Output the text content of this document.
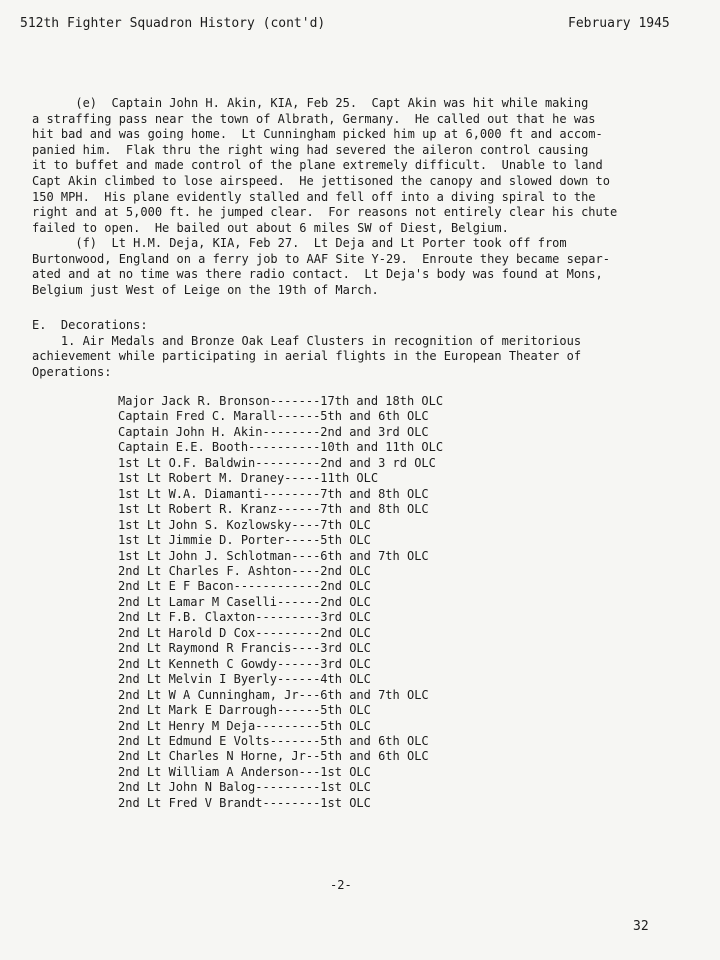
512th Fighter Squadron History (cont'd)	February 1945
(e)  Captain John H. Akin, KIA, Feb 25.  Capt Akin was hit while making
a straffing pass near the town of Albrath, Germany.  He called out that he was
hit bad and was going home.  Lt Cunningham picked him up at 6,000 ft and accom-
panied him.  Flak thru the right wing had severed the aileron control causing
it to buffet and made control of the plane extremely difficult.  Unable to land
Capt Akin climbed to lose airspeed.  He jettisoned the canopy and slowed down to
150 MPH.  His plane evidently stalled and fell off into a diving spiral to the
right and at 5,000 ft. he jumped clear.  For reasons not entirely clear his chute
failed to open.  He bailed out about 6 miles SW of Diest, Belgium.
(f)  Lt H.M. Deja, KIA, Feb 27.  Lt Deja and Lt Porter took off from
Burtonwood, England on a ferry job to AAF Site Y-29.  Enroute they became separ-
ated and at no time was there radio contact.  Lt Deja's body was found at Mons,
Belgium just West of Leige on the 19th of March.
E.  Decorations:
1. Air Medals and Bronze Oak Leaf Clusters in recognition of meritorious
achievement while participating in aerial flights in the European Theater of
Operations:
Major Jack R. Bronson-------17th and 18th OLC
Captain Fred C. Marall------5th and 6th OLC
Captain John H. Akin--------2nd and 3rd OLC
Captain E.E. Booth----------10th and 11th OLC
1st Lt O.F. Baldwin---------2nd and 3 rd OLC
1st Lt Robert M. Draney-----11th OLC
1st Lt W.A. Diamanti--------7th and 8th OLC
1st Lt Robert R. Kranz------7th and 8th OLC
1st Lt John S. Kozlowsky----7th OLC
1st Lt Jimmie D. Porter-----5th OLC
1st Lt John J. Schlotman----6th and 7th OLC
2nd Lt Charles F. Ashton----2nd OLC
2nd Lt E F Bacon------------2nd OLC
2nd Lt Lamar M Caselli------2nd OLC
2nd Lt F.B. Claxton---------3rd OLC
2nd Lt Harold D Cox---------2nd OLC
2nd Lt Raymond R Francis----3rd OLC
2nd Lt Kenneth C Gowdy------3rd OLC
2nd Lt Melvin I Byerly------4th OLC
2nd Lt W A Cunningham, Jr---6th and 7th OLC
2nd Lt Mark E Darrough------5th OLC
2nd Lt Henry M Deja---------5th OLC
2nd Lt Edmund E Volts-------5th and 6th OLC
2nd Lt Charles N Horne, Jr--5th and 6th OLC
2nd Lt William A Anderson---1st OLC
2nd Lt John N Balog---------1st OLC
2nd Lt Fred V Brandt--------1st OLC
-2-
32
